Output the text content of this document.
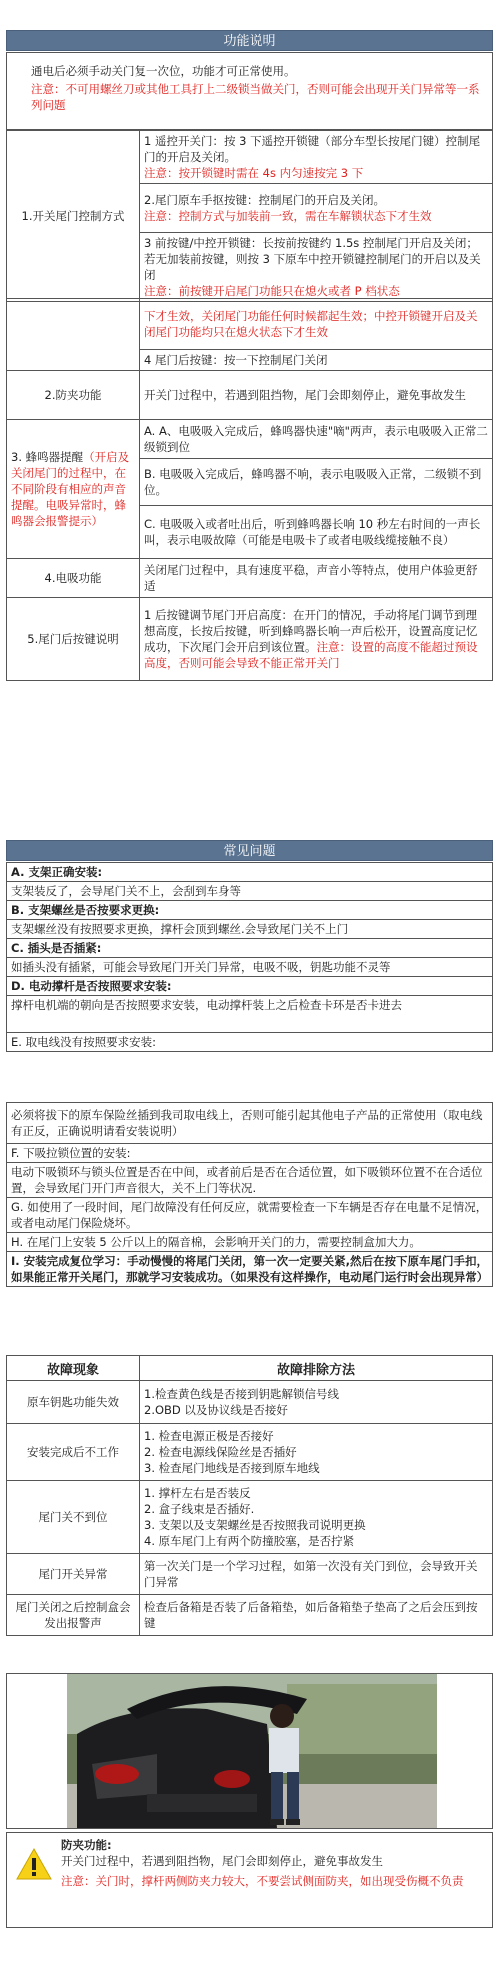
功能说明
通电后必须手动关门复一次位，功能才可正常使用。
注意：不可用螺丝刀或其他工具打上二级锁当做关门，否则可能会出现开关门异常等一系列问题
1.开关尾门控制方式	1 遥控开关门：按 3 下遥控开锁键（部分车型长按尾门键）控制尾门的开启及关闭。
注意：按开锁键时需在 4s 内匀速按完 3 下
2.尾门原车手抠按键：控制尾门的开启及关闭。
注意：控制方式与加装前一致，需在车解锁状态下才生效
3 前按键/中控开锁键：长按前按键约 1.5s 控制尾门开启及关闭；若无加装前按键，则按 3 下原车中控开锁键控制尾门的开启以及关闭
注意：前按键开启尾门功能只在熄火或者 P 档状态
	下才生效，关闭尾门功能任何时候都起生效；中控开锁键开启及关闭尾门功能均只在熄火状态下才生效
	4 尾门后按键：按一下控制尾门关闭
2.防夹功能	开关门过程中，若遇到阻挡物，尾门会即刻停止，避免事故发生
3. 蜂鸣器提醒（开启及关闭尾门的过程中，在不同阶段有相应的声音提醒。电吸异常时，蜂鸣器会报警提示）	A. A、电吸吸入完成后，蜂鸣器快速"嘀"两声，表示电吸吸入正常二级锁到位
	B. 电吸吸入完成后，蜂鸣器不响，表示电吸吸入正常，二级锁不到位。
	C. 电吸吸入或者吐出后，听到蜂鸣器长响 10 秒左右时间的一声长叫，表示电吸故障（可能是电吸卡了或者电吸线缆接触不良）
4.电吸功能	关闭尾门过程中，具有速度平稳，声音小等特点，使用户体验更舒适
5.尾门后按键说明	1 后按键调节尾门开启高度：在开门的情况，手动将尾门调节到理想高度，长按后按键，听到蜂鸣器长响一声后松开，设置高度记忆成功，下次尾门会开启到该位置。注意：设置的高度不能超过预设高度，否则可能会导致不能正常开关门
常见问题
A. 支架正确安装:
支架装反了，会导尾门关不上，会刮到车身等
B. 支架螺丝是否按要求更换:
支架螺丝没有按照要求更换，撑杆会顶到螺丝.会导致尾门关不上门
C. 插头是否插紧:
如插头没有插紧，可能会导致尾门开关门异常，电吸不吸，钥匙功能不灵等
D. 电动撑杆是否按照要求安装:
撑杆电机端的朝向是否按照要求安装，电动撑杆装上之后检查卡环是否卡进去
E. 取电线没有按照要求安装:
必须将拔下的原车保险丝插到我司取电线上，否则可能引起其他电子产品的正常使用（取电线有正反，正确说明请看安装说明）
F. 下吸拉锁位置的安装:
电动下吸锁环与锁头位置是否在中间，或者前后是否在合适位置，如下吸锁环位置不在合适位置，会导致尾门开门声音很大，关不上门等状况.
G. 如使用了一段时间，尾门故障没有任何反应，就需要检查一下车辆是否存在电量不足情况，或者电动尾门保险烧坏。
H. 在尾门上安装 5 公斤以上的隔音棉，会影响开关门的力，需要控制盒加大力。
I. 安装完成复位学习：手动慢慢的将尾门关闭，第一次一定要关紧,然后在按下原车尾门手扣，如果能正常开关尾门，那就学习安装成功。（如果没有这样操作，电动尾门运行时会出现异常）
故障现象	故障排除方法
原车钥匙功能失效	1.检查黄色线是否接到钥匙解锁信号线
2.OBD 以及协议线是否接好
安装完成后不工作	1. 检查电源正极是否接好
2. 检查电源线保险丝是否插好
3. 检查尾门地线是否接到原车地线
尾门关不到位	1. 撑杆左右是否装反
2. 盒子线束是否插好.
3. 支架以及支架螺丝是否按照我司说明更换
4. 原车尾门上有两个防撞胶塞，是否拧紧
尾门开关异常	第一次关门是一个学习过程，如第一次没有关门到位，会导致开关门异常
尾门关闭之后控制盒会发出报警声	检查后备箱是否装了后备箱垫，如后备箱垫子垫高了之后会压到按键
防夹功能:
开关门过程中，若遇到阻挡物，尾门会即刻停止，避免事故发生
注意：关门时，撑杆两侧防夹力较大，不要尝试侧面防夹，如出现受伤概不负责
